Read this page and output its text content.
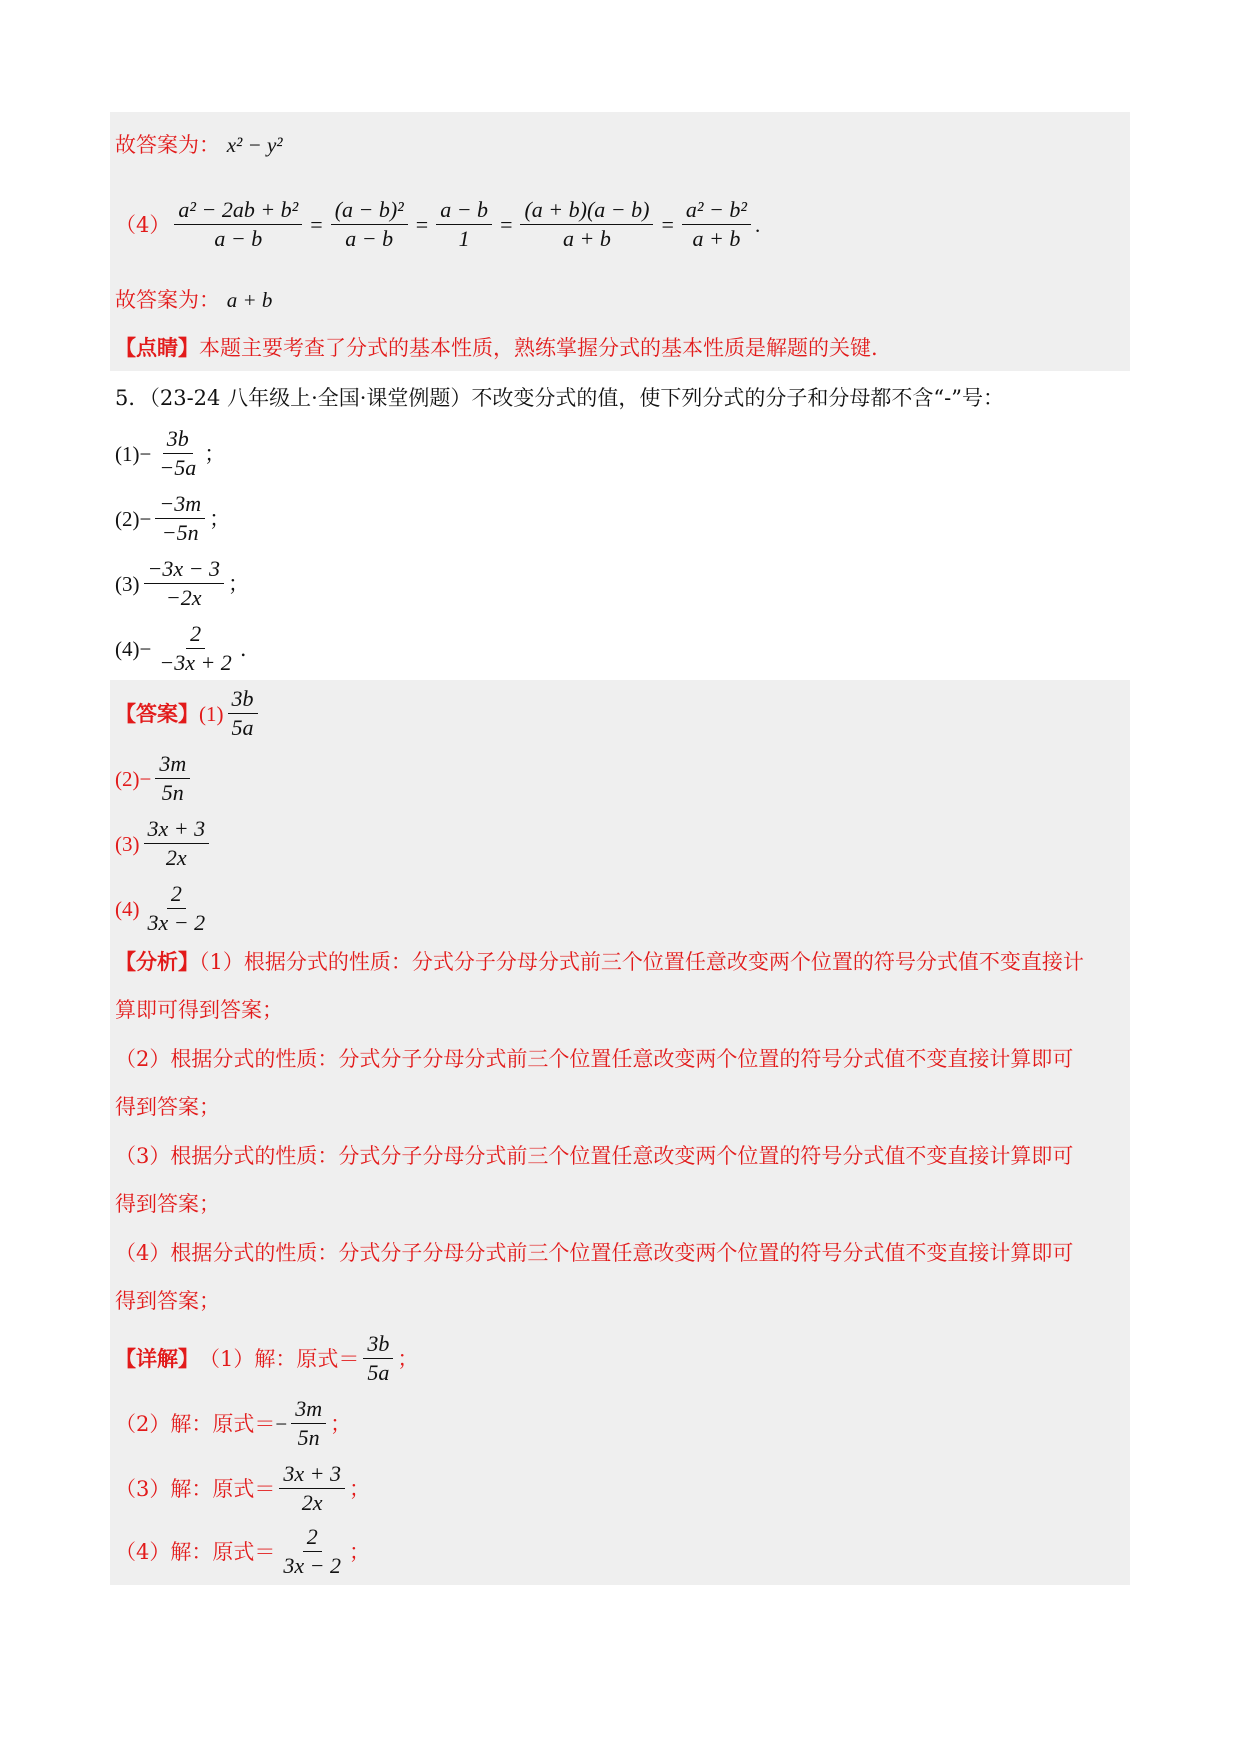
故答案为： x² − y²
$(4) \frac{\text{a² − 2ab + b²}}{a - b} = \frac{\text{(a − b)²}}{a - b} = \frac{a - b}{1} = \frac{(a + b)(a - b)}{a + b} = \frac{\text{a² − b²}}{a + b}$ .
故答案为： a + b
【点睛】本题主要考查了分式的基本性质，熟练掌握分式的基本性质是解题的关键.
5．（23-24 八年级上·全国·课堂例题）不改变分式的值，使下列分式的分子和分母都不含“-”号：
$(1)- \frac{3b}{-5a}$ ；
$(2)- \frac{-3m}{-5n}$ ；
$(3) \frac{-3x - 3}{-2x}$ ；
$(4)- \frac{2}{-3x + 2}$ .
【答案】 $(1) \frac{3b}{5a}$
$(2)- \frac{3m}{5n}$
$(3) \frac{3x + 3}{2x}$
$(4) \frac{2}{3x - 2}$
【分析】（1）根据分式的性质：分式分子分母分式前三个位置任意改变两个位置的符号分式值不变直接计
算即可得到答案；
（2）根据分式的性质：分式分子分母分式前三个位置任意改变两个位置的符号分式值不变直接计算即可
得到答案；
（3）根据分式的性质：分式分子分母分式前三个位置任意改变两个位置的符号分式值不变直接计算即可
得到答案；
（4）根据分式的性质：分式分子分母分式前三个位置任意改变两个位置的符号分式值不变直接计算即可
得到答案；
【详解】 （1）解：原式＝ $\frac{3b}{5a}$ ；
（2）解：原式＝ − $\frac{3m}{5n}$ ；
（3）解：原式＝ $\frac{3x + 3}{2x}$ ；
（4）解：原式＝ $\frac{2}{3x - 2}$ ；
